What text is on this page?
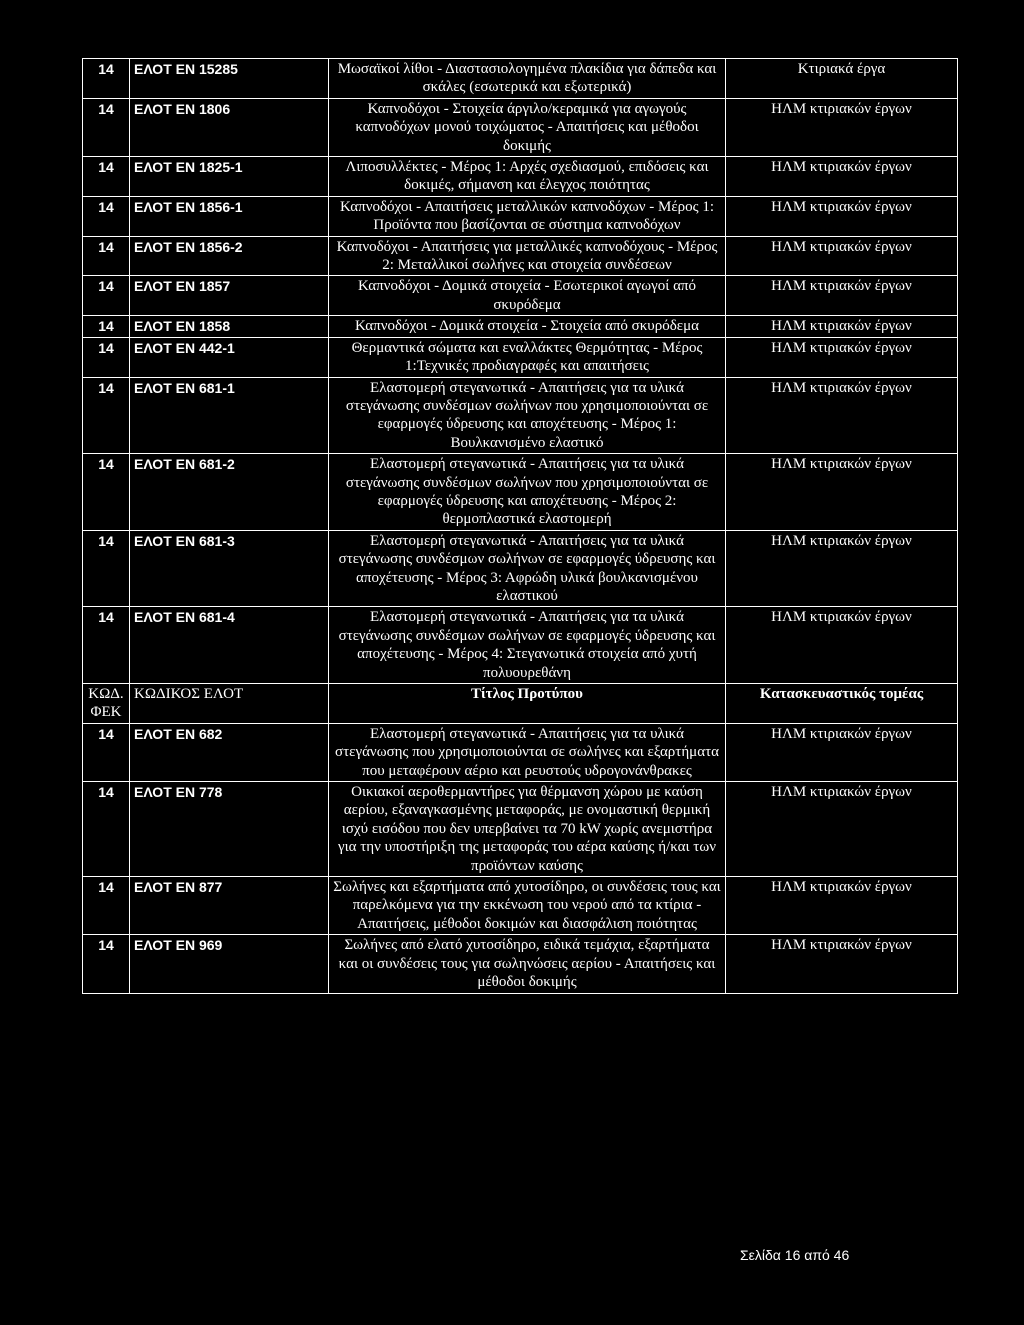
14	ΕΛΟΤ ΕΝ 15285	Μωσαϊκοί λίθοι - Διαστασιολογημένα πλακίδια για δάπεδα και σκάλες (εσωτερικά και εξωτερικά)	Κτιριακά έργα
14	ΕΛΟΤ ΕΝ 1806	Καπνοδόχοι - Στοιχεία άργιλο/κεραμικά για αγωγούς καπνοδόχων μονού τοιχώματος - Απαιτήσεις και μέθοδοι δοκιμής	ΗΛΜ κτιριακών έργων
14	ΕΛΟΤ ΕΝ 1825-1	Λιποσυλλέκτες - Μέρος 1: Αρχές σχεδιασμού, επιδόσεις και δοκιμές, σήμανση και έλεγχος ποιότητας	ΗΛΜ κτιριακών έργων
14	ΕΛΟΤ ΕΝ 1856-1	Καπνοδόχοι - Απαιτήσεις μεταλλικών καπνοδόχων - Μέρος 1: Προϊόντα που βασίζονται σε σύστημα καπνοδόχων	ΗΛΜ κτιριακών έργων
14	ΕΛΟΤ ΕΝ 1856-2	Καπνοδόχοι - Απαιτήσεις για μεταλλικές καπνοδόχους - Μέρος 2: Μεταλλικοί σωλήνες και στοιχεία συνδέσεων	ΗΛΜ κτιριακών έργων
14	ΕΛΟΤ ΕΝ 1857	Καπνοδόχοι - Δομικά στοιχεία - Εσωτερικοί αγωγοί από σκυρόδεμα	ΗΛΜ κτιριακών έργων
14	ΕΛΟΤ ΕΝ 1858	Καπνοδόχοι - Δομικά στοιχεία - Στοιχεία από σκυρόδεμα	ΗΛΜ κτιριακών έργων
14	ΕΛΟΤ ΕΝ 442-1	Θερμαντικά σώματα και εναλλάκτες Θερμότητας - Μέρος 1:Τεχνικές προδιαγραφές και απαιτήσεις	ΗΛΜ κτιριακών έργων
14	ΕΛΟΤ ΕΝ 681-1	Ελαστομερή στεγανωτικά - Απαιτήσεις για τα υλικά στεγάνωσης συνδέσμων σωλήνων που χρησιμοποιούνται σε εφαρμογές ύδρευσης και αποχέτευσης - Μέρος 1: Βουλκανισμένο ελαστικό	ΗΛΜ κτιριακών έργων
14	ΕΛΟΤ ΕΝ 681-2	Ελαστομερή στεγανωτικά - Απαιτήσεις για τα υλικά στεγάνωσης συνδέσμων σωλήνων που χρησιμοποιούνται σε εφαρμογές ύδρευσης και αποχέτευσης - Μέρος 2: θερμοπλαστικά ελαστομερή	ΗΛΜ κτιριακών έργων
14	ΕΛΟΤ ΕΝ 681-3	Ελαστομερή στεγανωτικά - Απαιτήσεις για τα υλικά στεγάνωσης συνδέσμων σωλήνων σε εφαρμογές ύδρευσης και αποχέτευσης - Μέρος 3: Αφρώδη υλικά βουλκανισμένου ελαστικού	ΗΛΜ κτιριακών έργων
14	ΕΛΟΤ ΕΝ 681-4	Ελαστομερή στεγανωτικά - Απαιτήσεις για τα υλικά στεγάνωσης συνδέσμων σωλήνων σε εφαρμογές ύδρευσης και αποχέτευσης - Μέρος 4: Στεγανωτικά στοιχεία από χυτή πολυουρεθάνη	ΗΛΜ κτιριακών έργων
ΚΩΔ. ΦΕΚ	ΚΩΔΙΚΟΣ ΕΛΟΤ	Τίτλος Προτύπου	Κατασκευαστικός τομέας
14	ΕΛΟΤ ΕΝ 682	Ελαστομερή στεγανωτικά - Απαιτήσεις για τα υλικά στεγάνωσης που χρησιμοποιούνται σε σωλήνες και εξαρτήματα που μεταφέρουν αέριο και ρευστούς υδρογονάνθρακες	ΗΛΜ κτιριακών έργων
14	ΕΛΟΤ ΕΝ 778	Οικιακοί αεροθερμαντήρες για θέρμανση χώρου με καύση αερίου, εξαναγκασμένης μεταφοράς, με ονομαστική θερμική ισχύ εισόδου που δεν υπερβαίνει τα 70 kW χωρίς ανεμιστήρα για την υποστήριξη της μεταφοράς του αέρα καύσης ή/και των προϊόντων καύσης	ΗΛΜ κτιριακών έργων
14	ΕΛΟΤ ΕΝ 877	Σωλήνες και εξαρτήματα από χυτοσίδηρο, οι συνδέσεις τους και παρελκόμενα για την εκκένωση του νερού από τα κτίρια - Απαιτήσεις, μέθοδοι δοκιμών και διασφάλιση ποιότητας	ΗΛΜ κτιριακών έργων
14	ΕΛΟΤ ΕΝ 969	Σωλήνες από ελατό χυτοσίδηρο, ειδικά τεμάχια, εξαρτήματα και οι συνδέσεις τους για σωληνώσεις αερίου - Απαιτήσεις και μέθοδοι δοκιμής	ΗΛΜ κτιριακών έργων
Σελίδα 16 από 46
